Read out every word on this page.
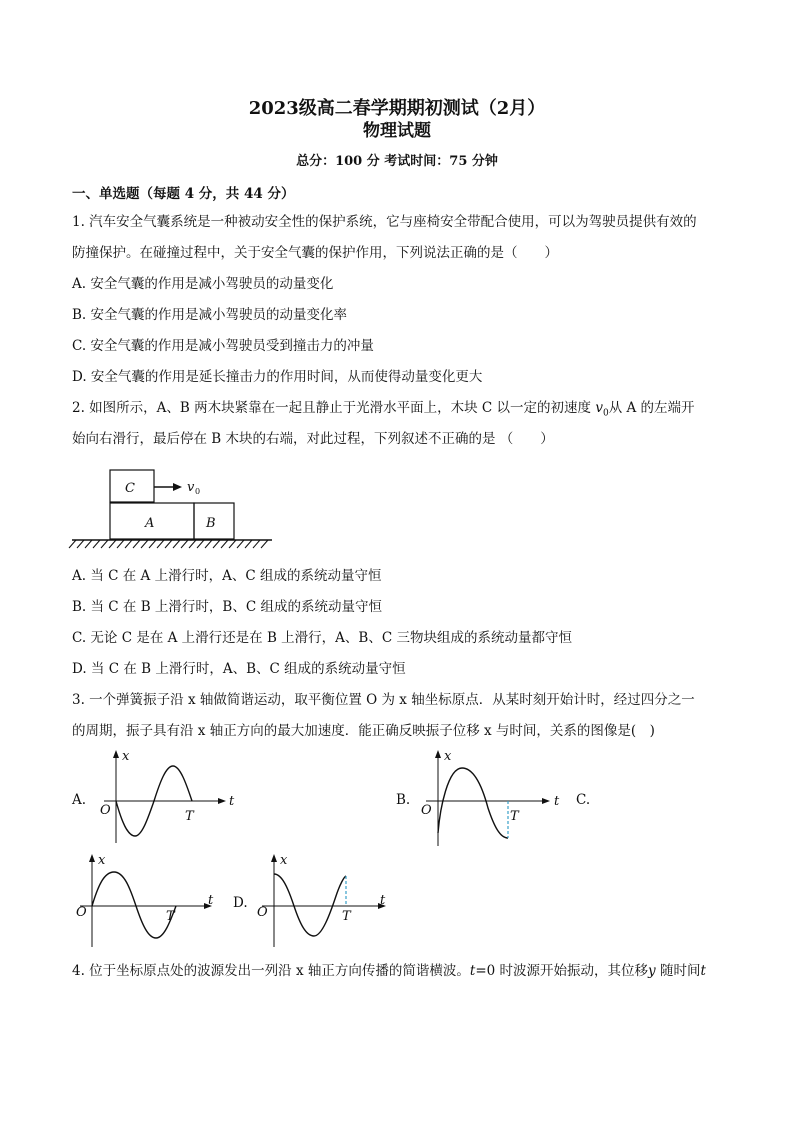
2023级高二春学期期初测试（2月）
物理试题
总分：100 分 考试时间：75 分钟
一、单选题（每题 4 分，共 44 分）
1. 汽车安全气囊系统是一种被动安全性的保护系统，它与座椅安全带配合使用，可以为驾驶员提供有效的
防撞保护。在碰撞过程中，关于安全气囊的保护作用，下列说法正确的是（　　）
A. 安全气囊的作用是减小驾驶员的动量变化
B. 安全气囊的作用是减小驾驶员的动量变化率
C. 安全气囊的作用是减小驾驶员受到撞击力的冲量
D. 安全气囊的作用是延长撞击力的作用时间，从而使得动量变化更大
2. 如图所示，A、B 两木块紧靠在一起且静止于光滑水平面上，木块 C 以一定的初速度 $v_0$从 A 的左端开
始向右滑行，最后停在 B 木块的右端，对此过程，下列叙述不正确的是 （　　）
C
A	B
v 0
A. 当 C 在 A 上滑行时，A、C 组成的系统动量守恒
B. 当 C 在 B 上滑行时，B、C 组成的系统动量守恒
C. 无论 C 是在 A 上滑行还是在 B 上滑行，A、B、C 三物块组成的系统动量都守恒
D. 当 C 在 B 上滑行时，A、B、C 组成的系统动量守恒
3. 一个弹簧振子沿 x 轴做简谐运动，取平衡位置 O 为 x 轴坐标原点．从某时刻开始计时，经过四分之一
的周期，振子具有沿 x 轴正方向的最大加速度．能正确反映振子位移 x 与时间，关系的图像是(　)
A.
x
t
O	T
B.
x
t
O	T
C.
x
t
O	T
D.
x
t
O	T
4. 位于坐标原点处的波源发出一列沿 x 轴正方向传播的简谐横波。t=0 时波源开始振动，其位移y 随时间t
